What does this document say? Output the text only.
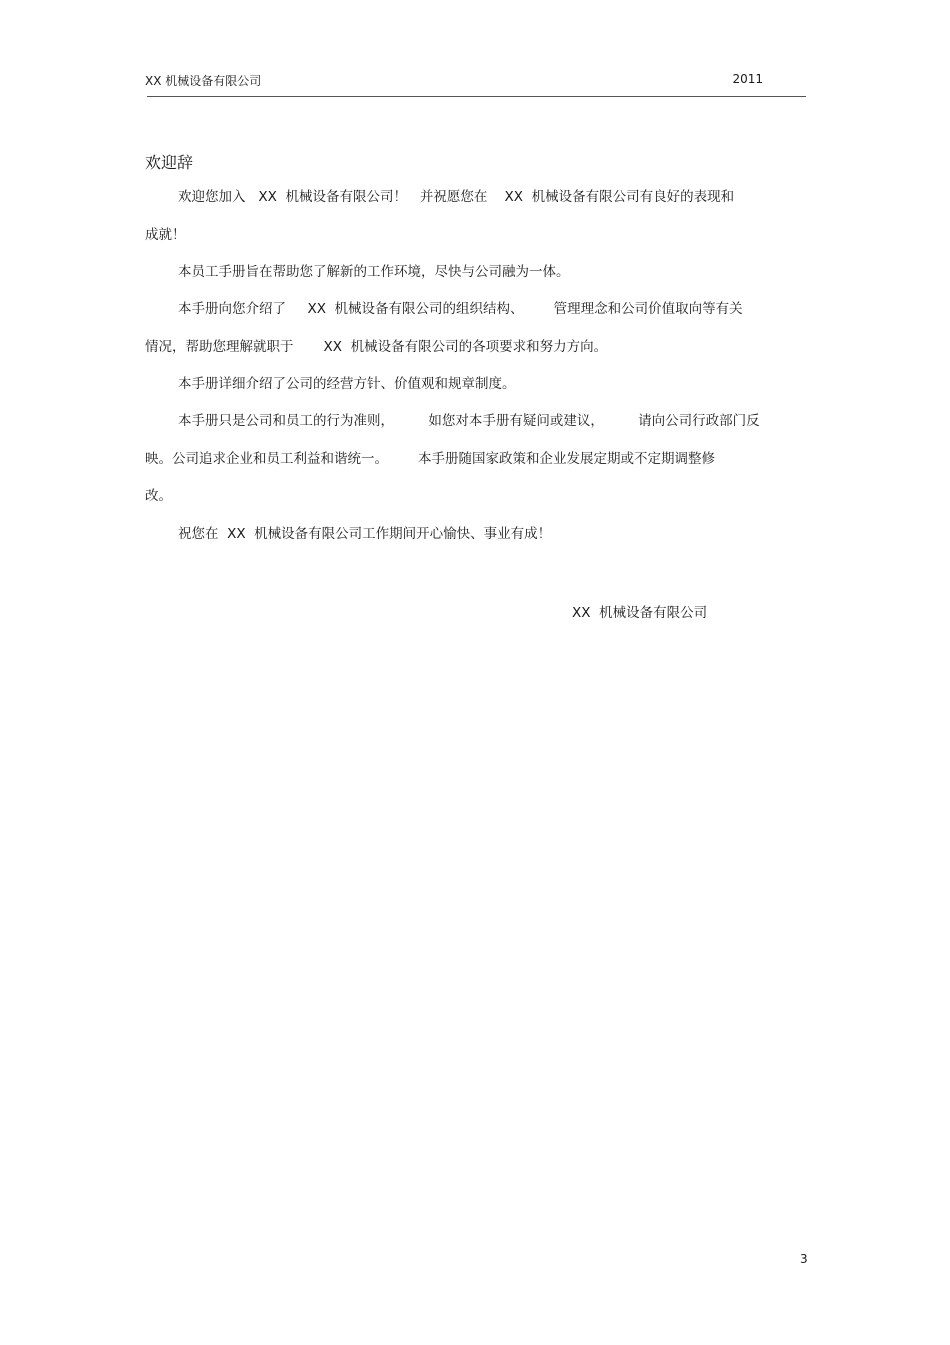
XX 机械设备有限公司	2011
欢迎辞
欢迎您加入   XX  机械设备有限公司！   并祝愿您在    XX  机械设备有限公司有良好的表现和
成就！
本员工手册旨在帮助您了解新的工作环境，尽快与公司融为一体。
本手册向您介绍了     XX  机械设备有限公司的组织结构、       管理理念和公司价值取向等有关
情况，帮助您理解就职于       XX  机械设备有限公司的各项要求和努力方向。
本手册详细介绍了公司的经营方针、价值观和规章制度。
本手册只是公司和员工的行为准则，        如您对本手册有疑问或建议，        请向公司行政部门反
映。公司追求企业和员工利益和谐统一。       本手册随国家政策和企业发展定期或不定期调整修
改。
祝您在  XX  机械设备有限公司工作期间开心愉快、事业有成！
XX  机械设备有限公司
3
